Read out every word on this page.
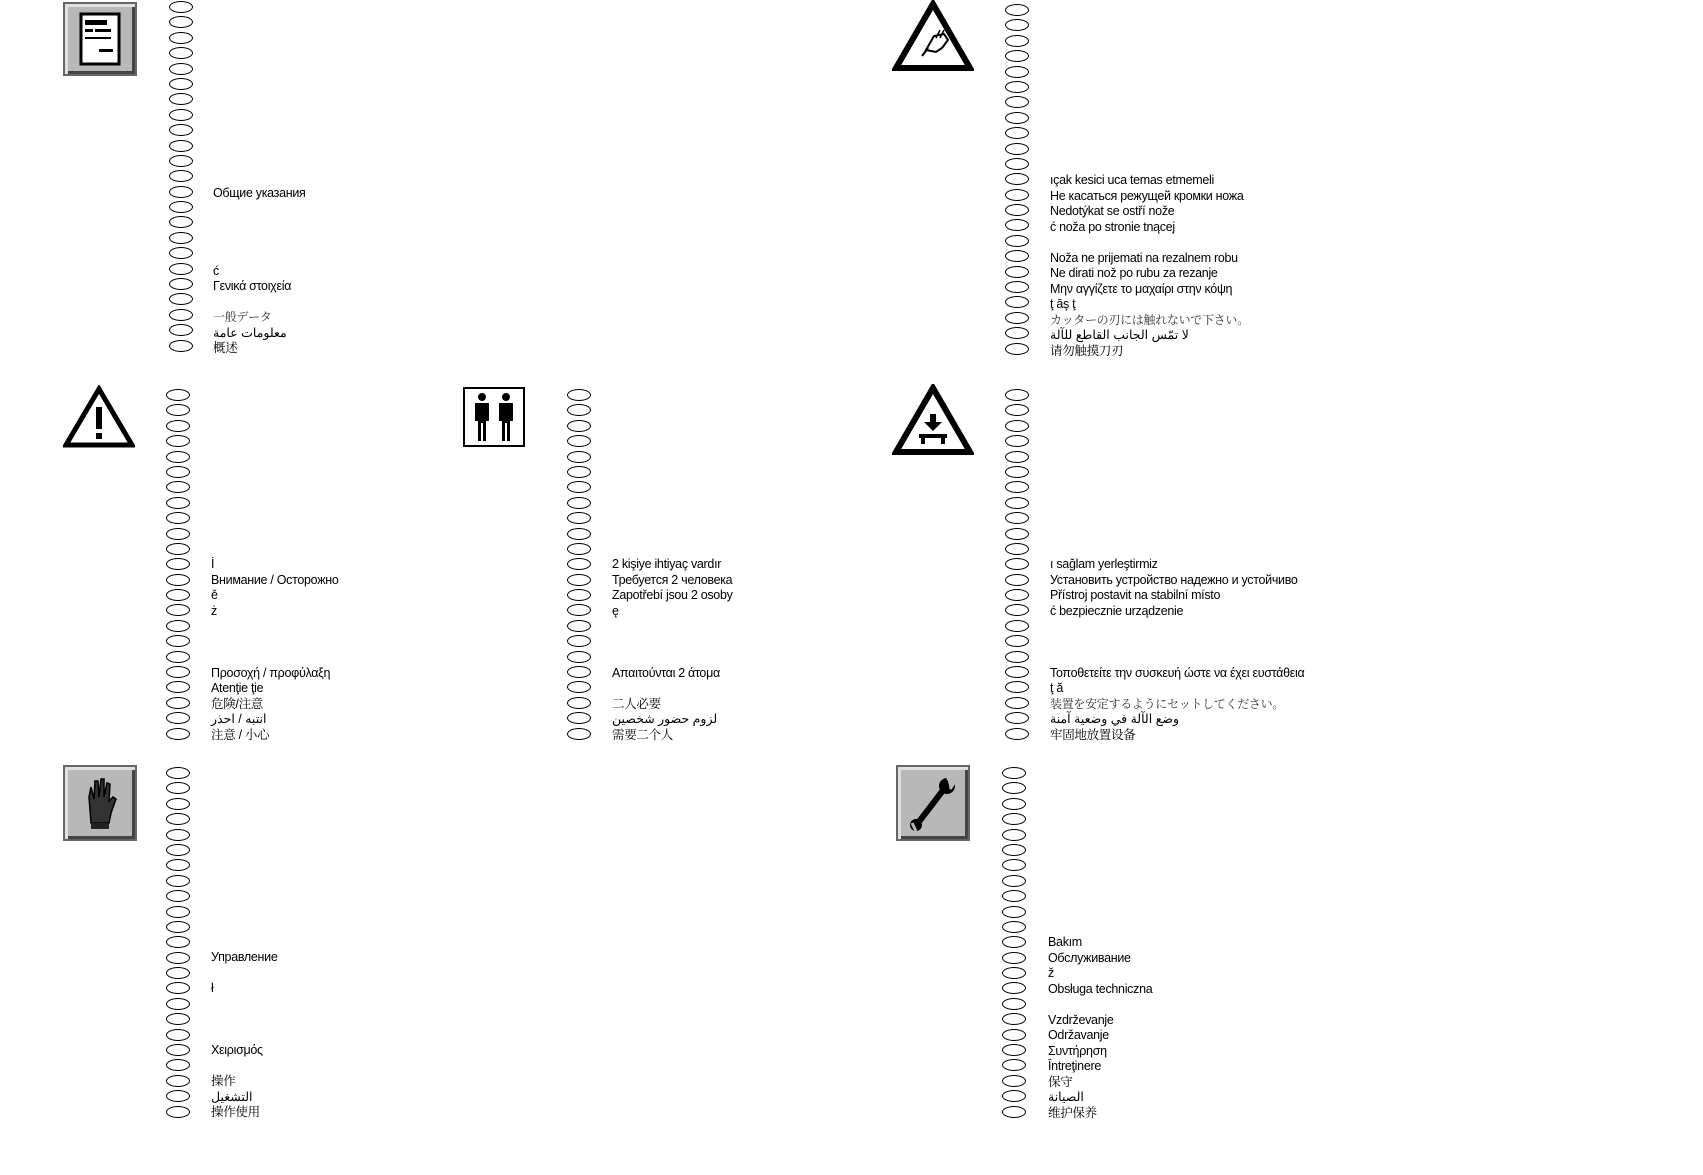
Общие указания
ć
Γενικά στοιχεία
一般データ
معلومات عامة
概述
ıçak kesici uca temas etmemeli
Не касаться режущей кромки ножа
Nedotýkat se ostří nože
ć noža po stronie tnącej
Noža ne prijemati na rezalnem robu
Ne dirati nož po rubu za rezanje
Μην αγγίζετε το μαχαίρι στην κόψη
ţ āş ţ
カッターの刃には触れないで下さい。
لا تمّس الجانب القاطع للآلة
请勿触摸刀刃
İ
Внимание / Осторожно
ě
ż
Προσοχή / προφύλαξη
Atenţie ţie
危険/注意
انتبه / احذر
注意 / 小心
2 kişiye ihtiyaç vardır
Требуется 2 человека
Zapotřebí jsou 2 osoby
ę
Απαιτούνται 2 άτομα
二人必要
لزوم حضور شخصين
需要二个人
ı sağlam yerleştirmiz
Установить устройство надежно и устойчиво
Přístroj postavit na stabilní místo
ć bezpiecznie urządzenie
Τοποθετείτε την συσκευή ώστε να έχει ευστάθεια
ţ ă
装置を安定するようにセットしてください。
وضع الآلة في وضعية آمنة
牢固地放置设备
Управление
ł
Χειρισμός
操作
التشغيل
操作使用
Bakım
Обслуживание
ž
Obsługa techniczna
Vzdrževanje
Održavanje
Συντήρηση
Întreţinere
保守
الصيانة
维护保养
